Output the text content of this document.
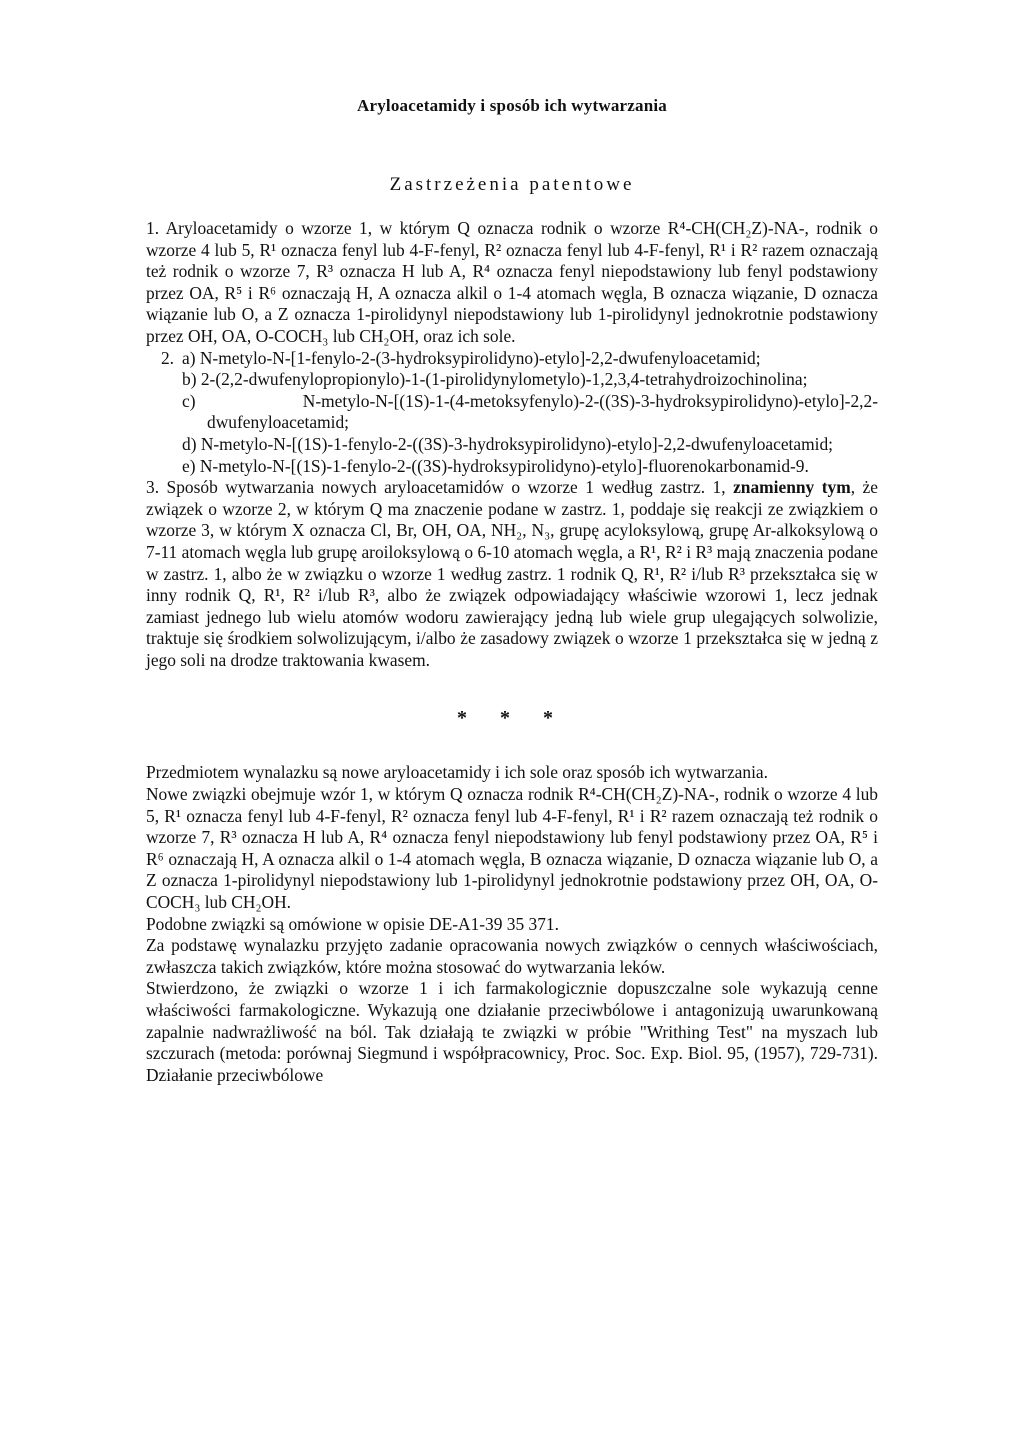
Aryloacetamidy i sposób ich wytwarzania
Zastrzeżenia patentowe

1. Aryloacetamidy o wzorze 1, w którym Q oznacza rodnik o wzorze R⁴-CH(CH₂Z)-NA-, rodnik o wzorze 4 lub 5, R¹ oznacza fenyl lub 4-F-fenyl, R² oznacza fenyl lub 4-F-fenyl, R¹ i R² razem oznaczają też rodnik o wzorze 7, R³ oznacza H lub A, R⁴ oznacza fenyl niepodstawiony lub fenyl podstawiony przez OA, R⁵ i R⁶ oznaczają H, A oznacza alkil o 1-4 atomach węgla, B oznacza wiązanie, D oznacza wiązanie lub O, a Z oznacza 1-pirolidynyl niepodstawiony lub 1-pirolidynyl jednokrotnie podstawiony przez OH, OA, O-COCH₃ lub CH₂OH, oraz ich sole.

2. a) N-metylo-N-[1-fenylo-2-(3-hydroksypirolidyno)-etylo]-2,2-dwufenyloacetamid;
b) 2-(2,2-dwufenylopropionylo)-1-(1-pirolidynylometylo)-1,2,3,4-tetrahydroizochinolina;
c) N-metylo-N-[(1S)-1-(4-metoksyfenylo)-2-((3S)-3-hydroksypirolidyno)-etylo]-2,2-dwufenyloacetamid;
d) N-metylo-N-[(1S)-1-fenylo-2-((3S)-3-hydroksypirolidyno)-etylo]-2,2-dwufenyloacetamid;
e) N-metylo-N-[(1S)-1-fenylo-2-((3S)-hydroksypirolidyno)-etylo]-fluorenokarbonamid-9.

3. Sposób wytwarzania nowych aryloacetamidów o wzorze 1 według zastrz. 1, znamienny tym, że związek o wzorze 2, w którym Q ma znaczenie podane w zastrz. 1, poddaje się reakcji ze związkiem o wzorze 3, w którym X oznacza Cl, Br, OH, OA, NH₂, N₃, grupę acyloksylową, grupę Ar-alkoksylową o 7-11 atomach węgla lub grupę aroiloksylową o 6-10 atomach węgla, a R¹, R² i R³ mają znaczenia podane w zastrz. 1, albo że w związku o wzorze 1 według zastrz. 1 rodnik Q, R¹, R² i/lub R³ przekształca się w inny rodnik Q, R¹, R² i/lub R³, albo że związek odpowiadający właściwie wzorowi 1, lecz jednak zamiast jednego lub wielu atomów wodoru zawierający jedną lub wiele grup ulegających solwolizie, traktuje się środkiem solwolizującym, i/albo że zasadowy związek o wzorze 1 przekształca się w jedną z jego soli na drodze traktowania kwasem.

* * *

Przedmiotem wynalazku są nowe aryloacetamidy i ich sole oraz sposób ich wytwarzania.

Nowe związki obejmuje wzór 1, w którym Q oznacza rodnik R⁴-CH(CH₂Z)-NA-, rodnik o wzorze 4 lub 5, R¹ oznacza fenyl lub 4-F-fenyl, R² oznacza fenyl lub 4-F-fenyl, R¹ i R² razem oznaczają też rodnik o wzorze 7, R³ oznacza H lub A, R⁴ oznacza fenyl niepodstawiony lub fenyl podstawiony przez OA, R⁵ i R⁶ oznaczają H, A oznacza alkil o 1-4 atomach węgla, B oznacza wiązanie, D oznacza wiązanie lub O, a Z oznacza 1-pirolidynyl niepodstawiony lub 1-pirolidynyl jednokrotnie podstawiony przez OH, OA, O-COCH₃ lub CH₂OH.

Podobne związki są omówione w opisie DE-A1-39 35 371.

Za podstawę wynalazku przyjęto zadanie opracowania nowych związków o cennych właściwościach, zwłaszcza takich związków, które można stosować do wytwarzania leków.

Stwierdzono, że związki o wzorze 1 i ich farmakologicznie dopuszczalne sole wykazują cenne właściwości farmakologiczne. Wykazują one działanie przeciwbólowe i antagonizują uwarunkowaną zapalnie nadwrażliwość na ból. Tak działają te związki w próbie "Writhing Test" na myszach lub szczurach (metoda: porównaj Siegmund i współpracownicy, Proc. Soc. Exp. Biol. 95, (1957), 729-731). Działanie przeciwbólowe
